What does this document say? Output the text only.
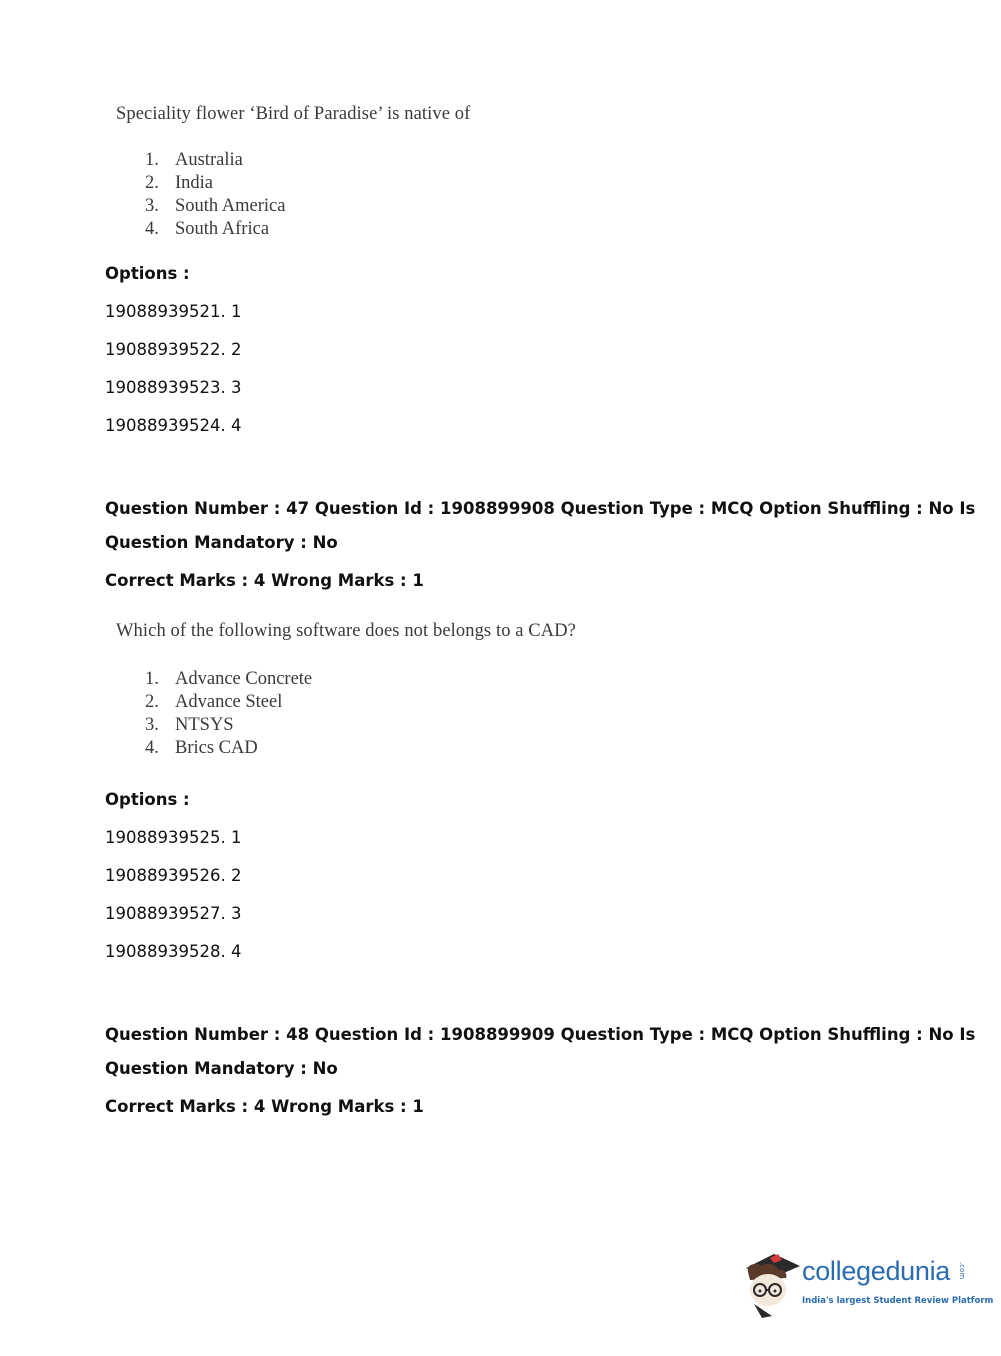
Speciality flower ‘Bird of Paradise’ is native of
1. Australia
2. India
3. South America
4. South Africa
Options :
19088939521. 1
19088939522. 2
19088939523. 3
19088939524. 4
Question Number : 47 Question Id : 1908899908 Question Type : MCQ Option Shuffling : No Is
Question Mandatory : No
Correct Marks : 4 Wrong Marks : 1
Which of the following software does not belongs to a CAD?
1. Advance Concrete
2. Advance Steel
3. NTSYS
4. Brics CAD
Options :
19088939525. 1
19088939526. 2
19088939527. 3
19088939528. 4
Question Number : 48 Question Id : 1908899909 Question Type : MCQ Option Shuffling : No Is
Question Mandatory : No
Correct Marks : 4 Wrong Marks : 1
collegedunia .com
India's largest Student Review Platform
